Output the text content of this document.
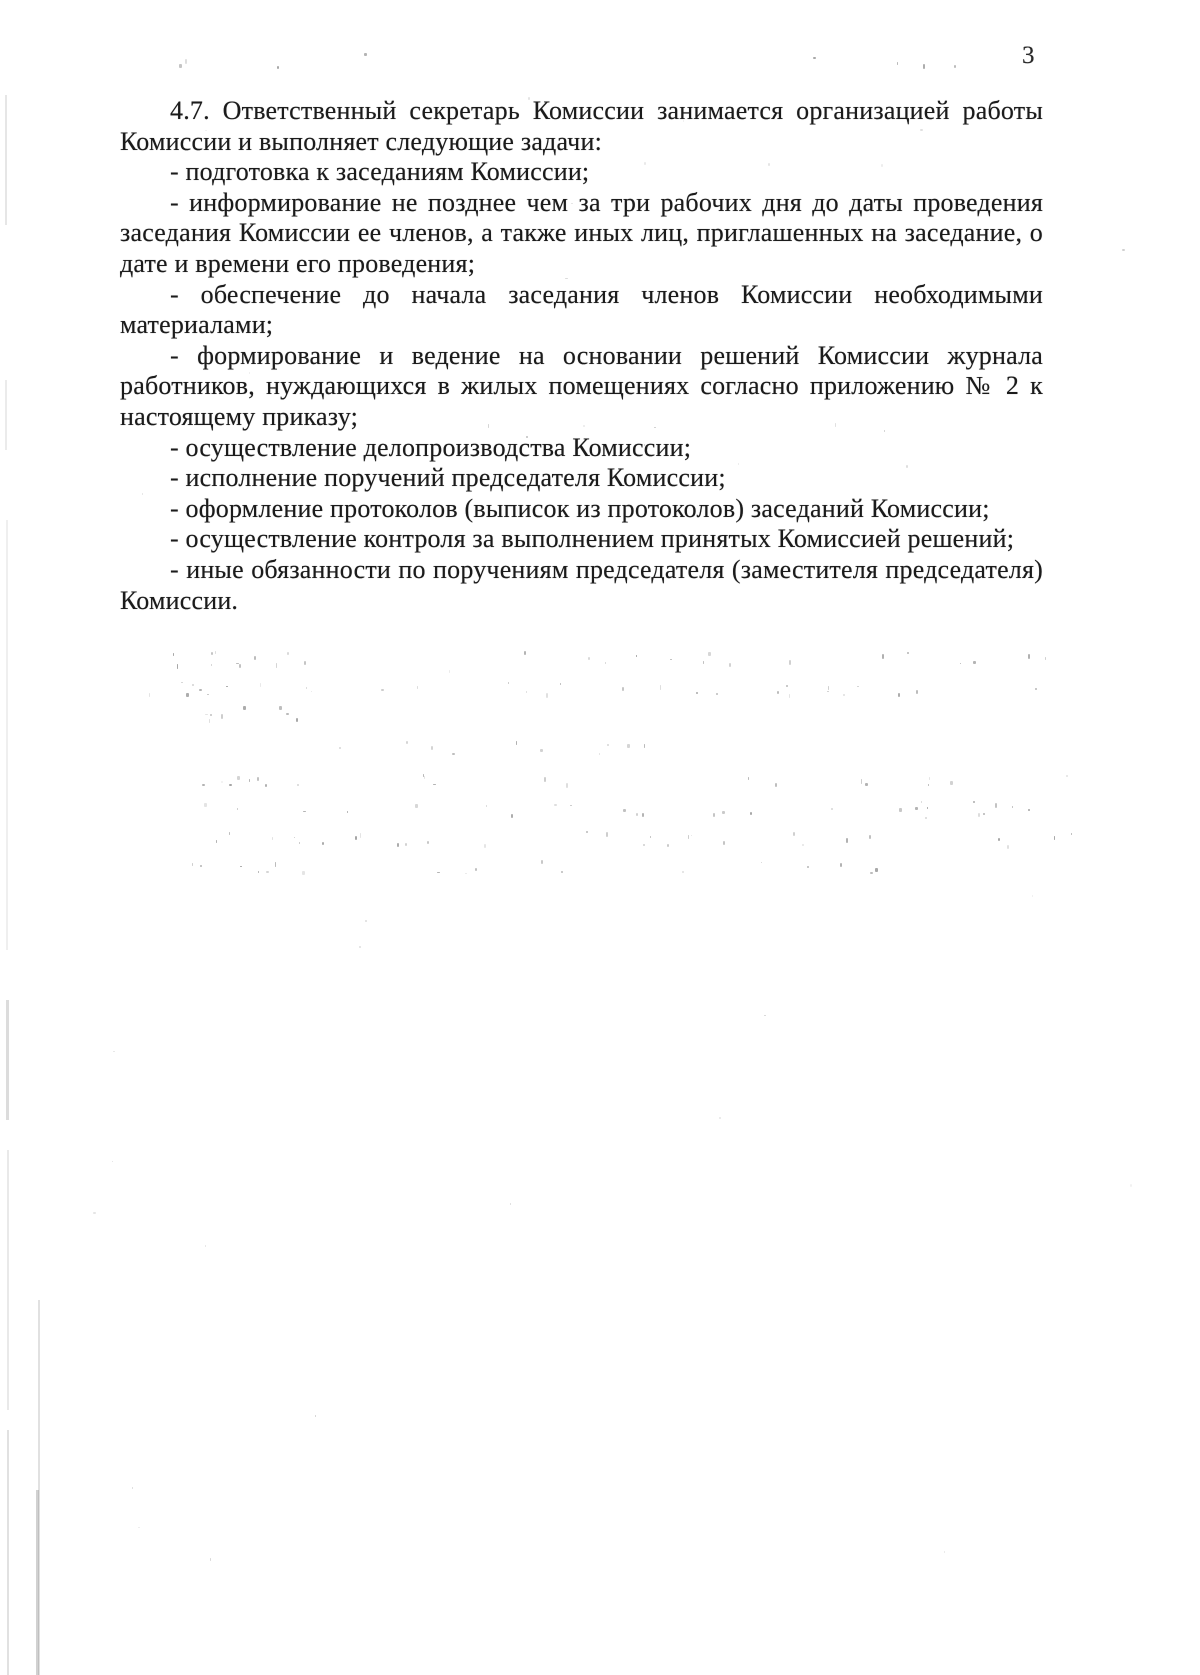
3
4.7. Ответственный секретарь Комиссии занимается организацией работы
Комиссии и выполняет следующие задачи:
- подготовка к заседаниям Комиссии;
- информирование не позднее чем за три рабочих дня до даты проведения
заседания Комиссии ее членов, а также иных лиц, приглашенных на заседание, о
дате и времени его проведения;
- обеспечение до начала заседания членов Комиссии необходимыми
материалами;
- формирование и ведение на основании решений Комиссии журнала
работников, нуждающихся в жилых помещениях согласно приложению № 2 к
настоящему приказу;
- осуществление делопроизводства Комиссии;
- исполнение поручений председателя Комиссии;
- оформление протоколов (выписок из протоколов) заседаний Комиссии;
- осуществление контроля за выполнением принятых Комиссией решений;
- иные обязанности по поручениям председателя (заместителя председателя)
Комиссии.
